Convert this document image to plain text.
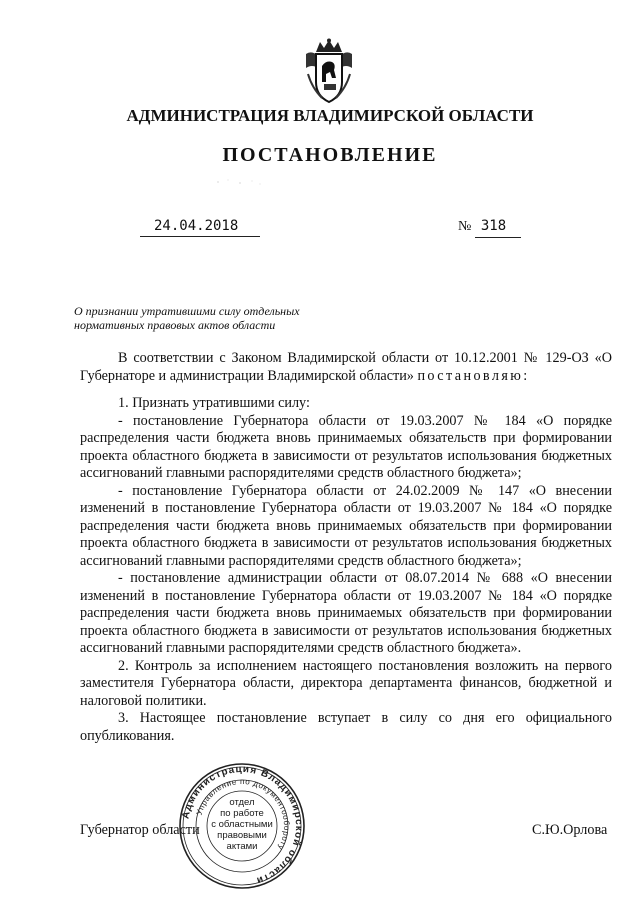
АДМИНИСТРАЦИЯ ВЛАДИМИРСКОЙ ОБЛАСТИ
ПОСТАНОВЛЕНИЕ
24.04.2018	№ 318
О признании утратившими силу отдельных
нормативных правовых актов области

В соответствии с Законом Владимирской области от 10.12.2001 № 129-ОЗ «О Губернаторе и администрации Владимирской области» постановляю:

1. Признать утратившими силу:

- постановление Губернатора области от 19.03.2007 № 184 «О порядке распределения части бюджета вновь принимаемых обязательств при формировании проекта областного бюджета в зависимости от результатов использования бюджетных ассигнований главными распорядителями средств областного бюджета»;

- постановление Губернатора области от 24.02.2009 № 147 «О внесении изменений в постановление Губернатора области от 19.03.2007 № 184 «О порядке распределения части бюджета вновь принимаемых обязательств при формировании проекта областного бюджета в зависимости от результатов использования бюджетных ассигнований главными распорядителями средств областного бюджета»;

- постановление администрации области от 08.07.2014 № 688 «О внесении изменений в постановление Губернатора области от 19.03.2007 № 184 «О порядке распределения части бюджета вновь принимаемых обязательств при формировании проекта областного бюджета в зависимости от результатов использования бюджетных ассигнований главными распорядителями средств областного бюджета».

2. Контроль за исполнением настоящего постановления возложить на первого заместителя Губернатора области, директора департамента финансов, бюджетной и налоговой политики.

3. Настоящее постановление вступает в силу со дня его официального опубликования.

Губернатор области	С.Ю.Орлова
Администрация Владимирской области
Управление по документообороту
отдел
по работе
с областными
правовыми
актами
